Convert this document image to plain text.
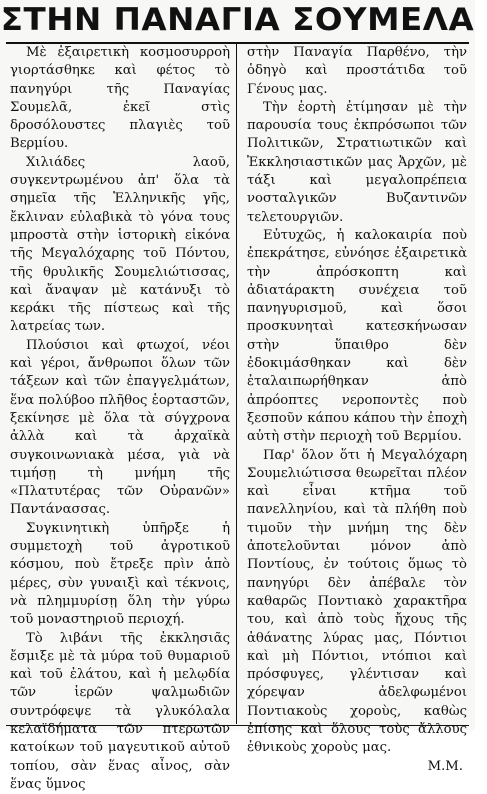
ΣΤΗΝ ΠΑΝΑΓΙΑ ΣΟΥΜΕΛΑ

Μὲ ἐξαιρετικὴ κοσμοσυρροὴ γιορτάσθηκε καὶ φέτος τὸ πανηγύρι τῆς Παναγίας Σουμελᾶ, ἐκεῖ στὶς δροσόλουστες πλαγιὲς τοῦ Βερμίου.

Χιλιάδες λαοῦ, συγκεντρωμένου ἀπ' ὅλα τὰ σημεῖα τῆς Ἑλληνικῆς γῆς, ἔκλιναν εὐλαβικὰ τὸ γόνα τους μπροστὰ στὴν ἱστορικὴ εἰκόνα τῆς Μεγαλόχαρης τοῦ Πόντου, τῆς θρυλικῆς Σουμελιώτισσας, καὶ ἄναψαν μὲ κατάνυξι τὸ κεράκι τῆς πίστεως καὶ τῆς λατρείας των.

Πλούσιοι καὶ φτωχοί, νέοι καὶ γέροι, ἄνθρωποι ὅλων τῶν τάξεων καὶ τῶν ἐπαγγελμάτων, ἕνα πολύβοο πλῆθος ἑορταστῶν, ξεκίνησε μὲ ὅλα τὰ σύγχρονα ἀλλὰ καὶ τὰ ἀρχαϊκὰ συγκοινωνιακὰ μέσα, γιὰ νὰ τιμήσῃ τὴ μνήμη τῆς «Πλατυτέρας τῶν Οὐρανῶν» Παντάνασσας.

Συγκινητικὴ ὑπῆρξε ἡ συμμετοχὴ τοῦ ἀγροτικοῦ κόσμου, ποὺ ἔτρεξε πρὶν ἀπὸ μέρες, σὺν γυναιξὶ καὶ τέκνοις, νὰ πλημμυρίσῃ ὅλη τὴν γύρω τοῦ μοναστηριοῦ περιοχή.

Τὸ λιβάνι τῆς ἐκκλησιᾶς ἔσμιξε μὲ τὰ μύρα τοῦ θυμαριοῦ καὶ τοῦ ἐλάτου, καὶ ἡ μελῳδία τῶν ἱερῶν ψαλμωδιῶν συντρόφεψε τὰ γλυκόλαλα κελαϊδήματα τῶν πτερωτῶν κατοίκων τοῦ μαγευτικοῦ αὐτοῦ τοπίου, σὰν ἕνας αἶνος, σὰν ἕνας ὕμνος

στὴν Παναγία Παρθένο, τὴν ὁδηγὸ καὶ προστάτιδα τοῦ Γένους μας.

Τὴν ἑορτὴ ἐτίμησαν μὲ τὴν παρουσία τους ἐκπρόσωποι τῶν Πολιτικῶν, Στρατιωτικῶν καὶ Ἐκκλησιαστικῶν μας Ἀρχῶν, μὲ τάξι καὶ μεγαλοπρέπεια νοσταλγικῶν Βυζαντινῶν τελετουργιῶν.

Εὐτυχῶς, ἡ καλοκαιρία ποὺ ἐπεκράτησε, εὐνόησε ἐξαιρετικὰ τὴν ἀπρόσκοπτη καὶ ἀδιατάρακτη συνέχεια τοῦ πανηγυρισμοῦ, καὶ ὅσοι προσκυνηταὶ κατεσκήνωσαν στὴν ὕπαιθρο δὲν ἐδοκιμάσθηκαν καὶ δὲν ἐταλαιπωρήθηκαν ἀπὸ ἀπρόοπτες νεροποντὲς ποὺ ξεσποῦν κάπου κάπου τὴν ἐποχὴ αὐτὴ στὴν περιοχὴ τοῦ Βερμίου.

Παρ' ὅλον ὅτι ἡ Μεγαλόχαρη Σουμελιώτισσα θεωρεῖται πλέον καὶ εἶναι κτῆμα τοῦ πανελληνίου, καὶ τὰ πλήθη ποὺ τιμοῦν τὴν μνήμη της δὲν ἀποτελοῦνται μόνον ἀπὸ Ποντίους, ἐν τούτοις ὅμως τὸ πανηγύρι δὲν ἀπέβαλε τὸν καθαρῶς Ποντιακὸ χαρακτῆρα του, καὶ ἀπὸ τοὺς ἤχους τῆς ἀθάνατης λύρας μας, Πόντιοι καὶ μὴ Πόντιοι, ντόπιοι καὶ πρόσφυγες, γλέντισαν καὶ χόρεψαν ἀδελφωμένοι Ποντιακοὺς χοροὺς, καθὼς ἐπίσης καὶ ὅλους τοὺς ἄλλους ἐθνικοὺς χοροὺς μας.

Μ.Μ.
